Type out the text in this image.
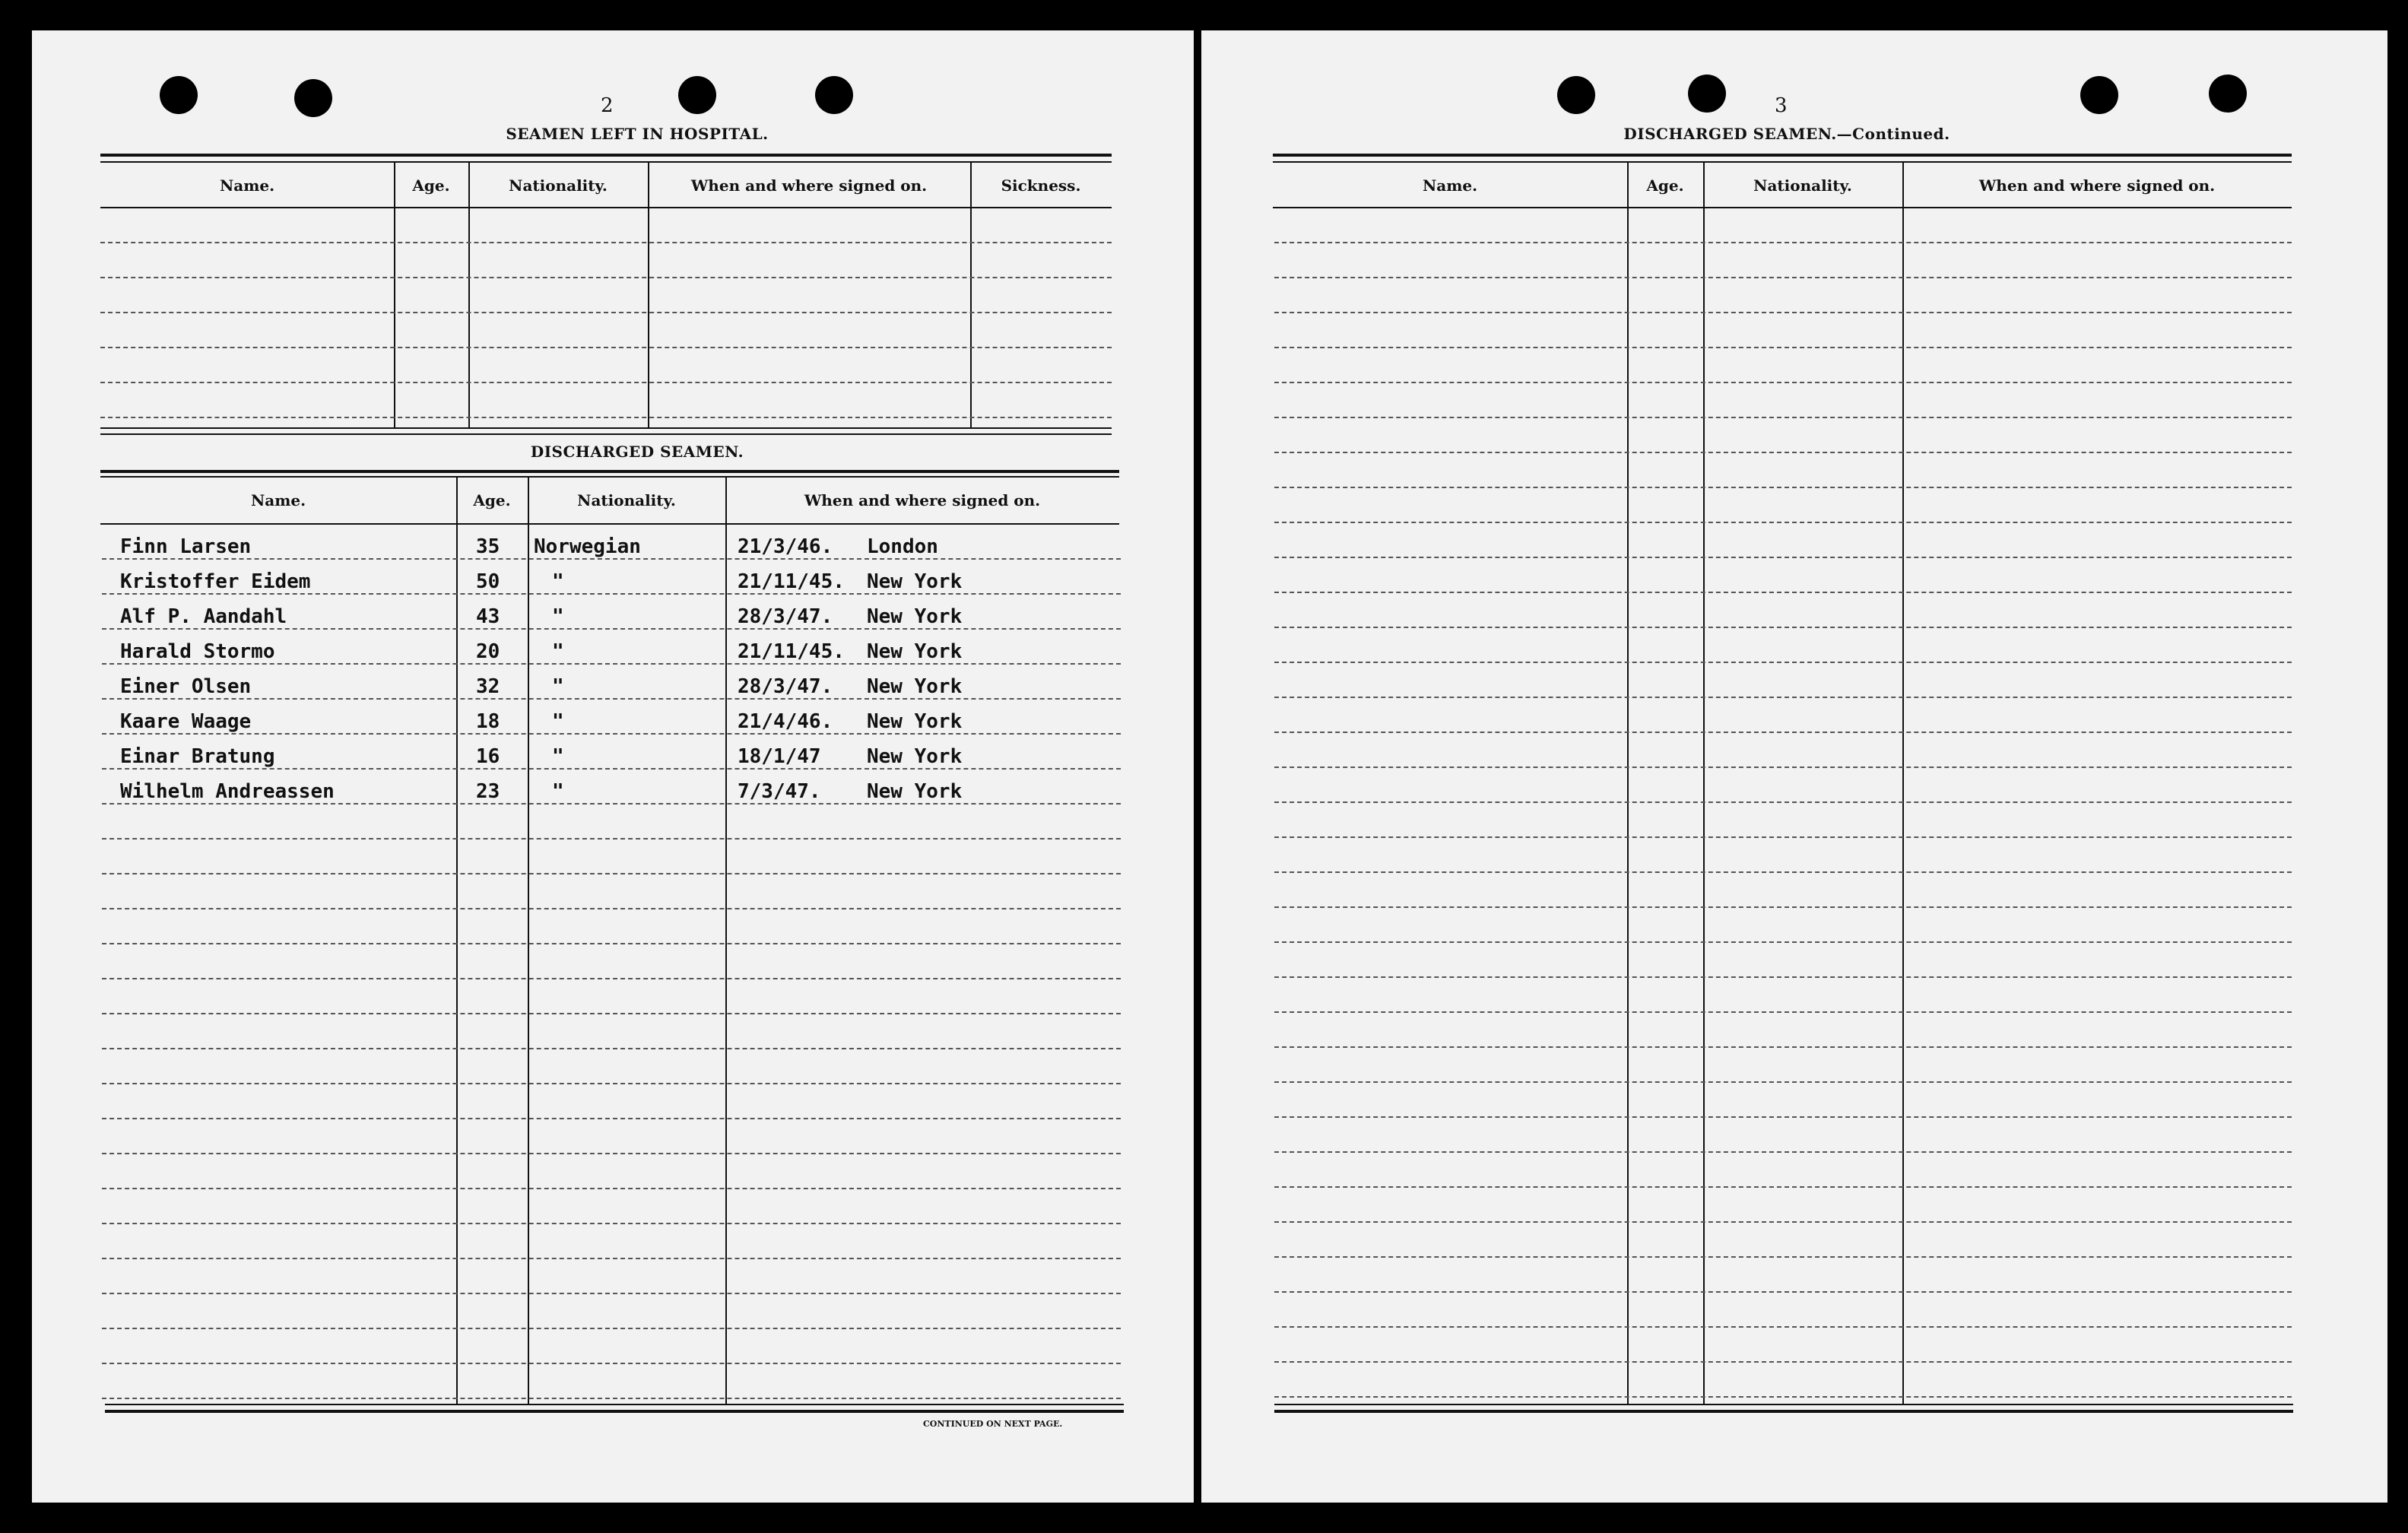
2
SEAMEN LEFT IN HOSPITAL.
Name.	Age.	Nationality.	When and where signed on.	Sickness.
DISCHARGED SEAMEN.
Name.	Age.	Nationality.	When and where signed on.
Finn Larsen	35 Norwegian	21/3/46. London
Kristoffer Eidem	50	"	21/11/45. New York
Alf P. Aandahl	43	"	28/3/47. New York
Harald Stormo	20	"	21/11/45. New York
Einer Olsen	32	"	28/3/47. New York
Kaare Waage	18	"	21/4/46. New York
Einar Bratung	16	"	18/1/47 New York
Wilhelm Andreassen	23	"	7/3/47. New York
CONTINUED ON NEXT PAGE.
3
DISCHARGED SEAMEN.—Continued.
Name.	Age.	Nationality.	When and where signed on.
